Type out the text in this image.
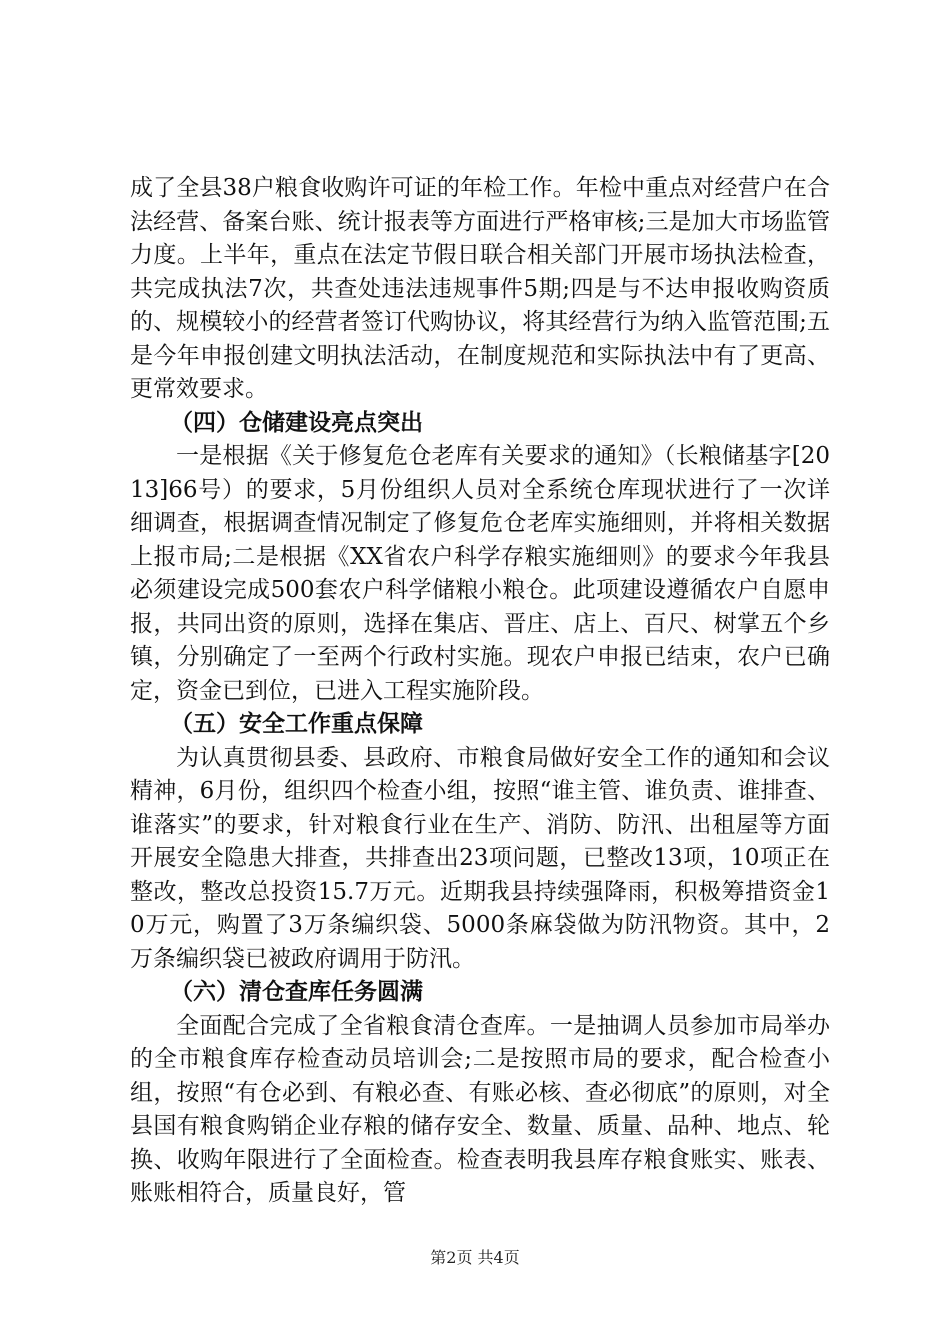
成了全县38户粮食收购许可证的年检工作。年检中重点对经营户在合法经营、备案台账、统计报表等方面进行严格审核;三是加大市场监管力度。上半年，重点在法定节假日联合相关部门开展市场执法检查，共完成执法7次，共查处违法违规事件5期;四是与不达申报收购资质的、规模较小的经营者签订代购协议，将其经营行为纳入监管范围;五是今年申报创建文明执法活动，在制度规范和实际执法中有了更高、更常效要求。

（四）仓储建设亮点突出

一是根据《关于修复危仓老库有关要求的通知》（长粮储基字[2013]66号）的要求，5月份组织人员对全系统仓库现状进行了一次详细调查，根据调查情况制定了修复危仓老库实施细则，并将相关数据上报市局;二是根据《XX省农户科学存粮实施细则》的要求今年我县必须建设完成500套农户科学储粮小粮仓。此项建设遵循农户自愿申报，共同出资的原则，选择在集店、晋庄、店上、百尺、树掌五个乡镇，分别确定了一至两个行政村实施。现农户申报已结束，农户已确定，资金已到位，已进入工程实施阶段。

（五）安全工作重点保障

为认真贯彻县委、县政府、市粮食局做好安全工作的通知和会议精神，6月份，组织四个检查小组，按照“谁主管、谁负责、谁排查、谁落实”的要求，针对粮食行业在生产、消防、防汛、出租屋等方面开展安全隐患大排查，共排查出23项问题，已整改13项，10项正在整改，整改总投资15.7万元。近期我县持续强降雨，积极筹措资金10万元，购置了3万条编织袋、5000条麻袋做为防汛物资。其中，2万条编织袋已被政府调用于防汛。

（六）清仓查库任务圆满

全面配合完成了全省粮食清仓查库。一是抽调人员参加市局举办的全市粮食库存检查动员培训会;二是按照市局的要求，配合检查小组，按照“有仓必到、有粮必查、有账必核、查必彻底”的原则，对全县国有粮食购销企业存粮的储存安全、数量、质量、品种、地点、轮换、收购年限进行了全面检查。检查表明我县库存粮食账实、账表、账账相符合，质量良好，管

第2页 共4页
